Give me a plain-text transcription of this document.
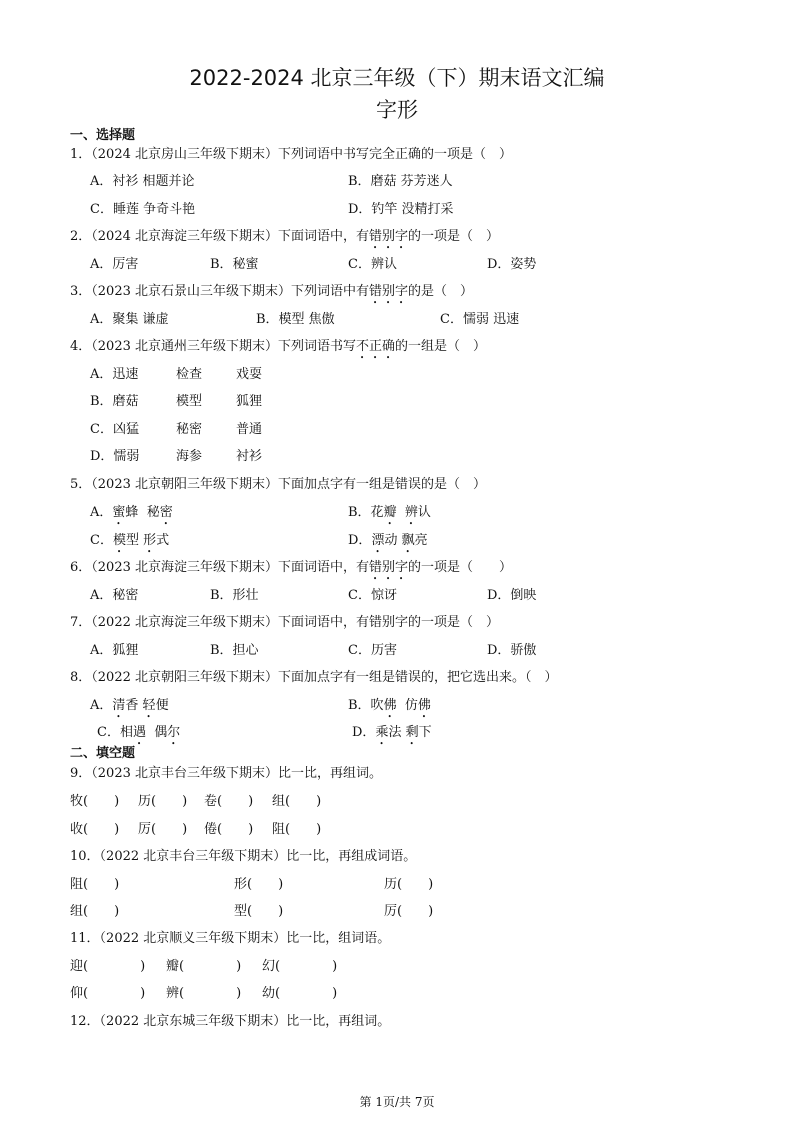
2022-2024 北京三年级（下）期末语文汇编
字形
一、选择题
1．（2024 北京房山三年级下期末）下列词语中书写完全正确的一项是（　）
A．衬衫 相题并论	B．磨菇 芬芳迷人
C．睡莲 争奇斗艳	D．钓竿 没精打采
2．（2024 北京海淀三年级下期末）下面词语中，有错别字的一项是（　）
A．厉害	B．秘蜜	C．辨认	D．姿势
3．（2023 北京石景山三年级下期末）下列词语中有错别字的是（　）
A．聚集 谦虚	B．模型 焦傲	C．懦弱 迅速
4．（2023 北京通州三年级下期末）下列词语书写不正确的一组是（　）
A．迅速	检查	戏耍
B．磨菇	模型	狐狸
C．凶猛	秘密	普通
D．懦弱	海参	衬衫
5．（2023 北京朝阳三年级下期末）下面加点字有一组是错误的是（　）
A．蜜蜂 秘密	B．花瓣 辨认
C．模型 形式	D．漂动 飘亮
6．（2023 北京海淀三年级下期末）下面词语中，有错别字的一项是（　　）
A．秘密	B．形壮	C．惊讶	D．倒映
7．（2022 北京海淀三年级下期末）下面词语中，有错别字的一项是（　）
A．狐狸	B．担心	C．历害	D．骄傲
8．（2022 北京朝阳三年级下期末）下面加点字有一组是错误的，把它选出来。（　）
A．清香 轻便	B．吹佛 仿佛
C．相遇 偶尔	D．乘法 剩下
二、填空题
9．（2023 北京丰台三年级下期末）比一比，再组词。
牧(　　) 历(　　) 卷(　　) 组(　　)
收(　　) 厉(　　) 倦(　　) 阻(　　)
10．（2022 北京丰台三年级下期末）比一比，再组成词语。
阻(　　)	形(　　)	历(　　)
组(　　)	型(　　)	厉(　　)
11．（2022 北京顺义三年级下期末）比一比，组词语。
迎(　　　　) 瓣(　　　　) 幻(　　　　)
仰(　　　　) 辨(　　　　) 幼(　　　　)
12．（2022 北京东城三年级下期末）比一比，再组词。
第 1页/共 7页
